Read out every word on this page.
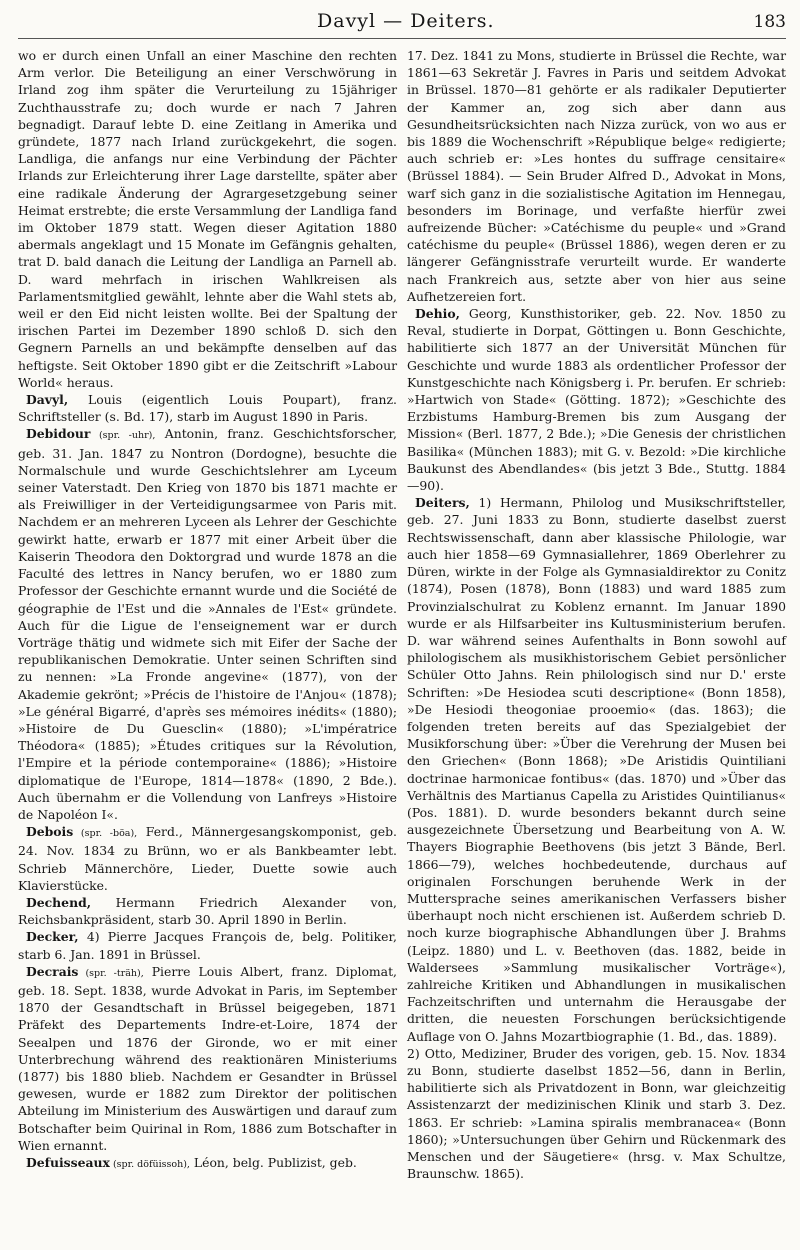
Davyl — Deiters.	183

wo er durch einen Unfall an einer Maschine den rechten Arm verlor. Die Beteiligung an einer Verschwörung in Irland zog ihm später die Verurteilung zu 15jähriger Zuchthausstrafe zu; doch wurde er nach 7 Jahren begnadigt. Darauf lebte D. eine Zeitlang in Amerika und gründete, 1877 nach Irland zurückgekehrt, die sogen. Landliga, die anfangs nur eine Verbindung der Pächter Irlands zur Erleichterung ihrer Lage darstellte, später aber eine radikale Änderung der Agrargesetzgebung seiner Heimat erstrebte; die erste Versammlung der Landliga fand im Oktober 1879 statt. Wegen dieser Agitation 1880 abermals angeklagt und 15 Monate im Gefängnis gehalten, trat D. bald danach die Leitung der Landliga an Parnell ab. D. ward mehrfach in irischen Wahlkreisen als Parlamentsmitglied gewählt, lehnte aber die Wahl stets ab, weil er den Eid nicht leisten wollte. Bei der Spaltung der irischen Partei im Dezember 1890 schloß D. sich den Gegnern Parnells an und bekämpfte denselben auf das heftigste. Seit Oktober 1890 gibt er die Zeitschrift »Labour World« heraus.

Davyl, Louis (eigentlich Louis Poupart), franz. Schriftsteller (s. Bd. 17), starb im August 1890 in Paris.

Debidour (spr. -uhr), Antonin, franz. Geschichtsforscher, geb. 31. Jan. 1847 zu Nontron (Dordogne), besuchte die Normalschule und wurde Geschichtslehrer am Lyceum seiner Vaterstadt. Den Krieg von 1870 bis 1871 machte er als Freiwilliger in der Verteidigungsarmee von Paris mit. Nachdem er an mehreren Lyceen als Lehrer der Geschichte gewirkt hatte, erwarb er 1877 mit einer Arbeit über die Kaiserin Theodora den Doktorgrad und wurde 1878 an die Faculté des lettres in Nancy berufen, wo er 1880 zum Professor der Geschichte ernannt wurde und die Société de géographie de l'Est und die »Annales de l'Est« gründete. Auch für die Ligue de l'enseignement war er durch Vorträge thätig und widmete sich mit Eifer der Sache der republikanischen Demokratie. Unter seinen Schriften sind zu nennen: »La Fronde angevine« (1877), von der Akademie gekrönt; »Précis de l'histoire de l'Anjou« (1878); »Le général Bigarré, d'après ses mémoires inédits« (1880); »Histoire de Du Guesclin« (1880); »L'impératrice Théodora« (1885); »Études critiques sur la Révolution, l'Empire et la période contemporaine« (1886); »Histoire diplomatique de l'Europe, 1814—1878« (1890, 2 Bde.). Auch übernahm er die Vollendung von Lanfreys »Histoire de Napoléon I«.

Debois (spr. -böa), Ferd., Männergesangskomponist, geb. 24. Nov. 1834 zu Brünn, wo er als Bankbeamter lebt. Schrieb Männerchöre, Lieder, Duette sowie auch Klavierstücke.

Dechend, Hermann Friedrich Alexander von, Reichsbankpräsident, starb 30. April 1890 in Berlin.

Decker, 4) Pierre Jacques François de, belg. Politiker, starb 6. Jan. 1891 in Brüssel.

Decrais (spr. -träh), Pierre Louis Albert, franz. Diplomat, geb. 18. Sept. 1838, wurde Advokat in Paris, im September 1870 der Gesandtschaft in Brüssel beigegeben, 1871 Präfekt des Departements Indre-et-Loire, 1874 der Seealpen und 1876 der Gironde, wo er mit einer Unterbrechung während des reaktionären Ministeriums (1877) bis 1880 blieb. Nachdem er Gesandter in Brüssel gewesen, wurde er 1882 zum Direktor der politischen Abteilung im Ministerium des Auswärtigen und darauf zum Botschafter beim Quirinal in Rom, 1886 zum Botschafter in Wien ernannt.

Defuisseaux (spr. döfüissoh), Léon, belg. Publizist, geb.

17. Dez. 1841 zu Mons, studierte in Brüssel die Rechte, war 1861—63 Sekretär J. Favres in Paris und seitdem Advokat in Brüssel. 1870—81 gehörte er als radikaler Deputierter der Kammer an, zog sich aber dann aus Gesundheitsrücksichten nach Nizza zurück, von wo aus er bis 1889 die Wochenschrift »République belge« redigierte; auch schrieb er: »Les hontes du suffrage censitaire« (Brüssel 1884). — Sein Bruder Alfred D., Advokat in Mons, warf sich ganz in die sozialistische Agitation im Hennegau, besonders im Borinage, und verfaßte hierfür zwei aufreizende Bücher: »Catéchisme du peuple« und »Grand catéchisme du peuple« (Brüssel 1886), wegen deren er zu längerer Gefängnisstrafe verurteilt wurde. Er wanderte nach Frankreich aus, setzte aber von hier aus seine Aufhetzereien fort.

Dehio, Georg, Kunsthistoriker, geb. 22. Nov. 1850 zu Reval, studierte in Dorpat, Göttingen u. Bonn Geschichte, habilitierte sich 1877 an der Universität München für Geschichte und wurde 1883 als ordentlicher Professor der Kunstgeschichte nach Königsberg i. Pr. berufen. Er schrieb: »Hartwich von Stade« (Götting. 1872); »Geschichte des Erzbistums Hamburg-Bremen bis zum Ausgang der Mission« (Berl. 1877, 2 Bde.); »Die Genesis der christlichen Basilika« (München 1883); mit G. v. Bezold: »Die kirchliche Baukunst des Abendlandes« (bis jetzt 3 Bde., Stuttg. 1884—90).

Deiters, 1) Hermann, Philolog und Musikschriftsteller, geb. 27. Juni 1833 zu Bonn, studierte daselbst zuerst Rechtswissenschaft, dann aber klassische Philologie, war auch hier 1858—69 Gymnasiallehrer, 1869 Oberlehrer zu Düren, wirkte in der Folge als Gymnasialdirektor zu Conitz (1874), Posen (1878), Bonn (1883) und ward 1885 zum Provinzialschulrat zu Koblenz ernannt. Im Januar 1890 wurde er als Hilfsarbeiter ins Kultusministerium berufen. D. war während seines Aufenthalts in Bonn sowohl auf philologischem als musikhistorischem Gebiet persönlicher Schüler Otto Jahns. Rein philologisch sind nur D.' erste Schriften: »De Hesiodea scuti descriptione« (Bonn 1858), »De Hesiodi theogoniae prooemio« (das. 1863); die folgenden treten bereits auf das Spezialgebiet der Musikforschung über: »Über die Verehrung der Musen bei den Griechen« (Bonn 1868); »De Aristidis Quintiliani doctrinae harmonicae fontibus« (das. 1870) und »Über das Verhältnis des Martianus Capella zu Aristides Quintilianus« (Pos. 1881). D. wurde besonders bekannt durch seine ausgezeichnete Übersetzung und Bearbeitung von A. W. Thayers Biographie Beethovens (bis jetzt 3 Bände, Berl. 1866—79), welches hochbedeutende, durchaus auf originalen Forschungen beruhende Werk in der Muttersprache seines amerikanischen Verfassers bisher überhaupt noch nicht erschienen ist. Außerdem schrieb D. noch kurze biographische Abhandlungen über J. Brahms (Leipz. 1880) und L. v. Beethoven (das. 1882, beide in Waldersees »Sammlung musikalischer Vorträge«), zahlreiche Kritiken und Abhandlungen in musikalischen Fachzeitschriften und unternahm die Herausgabe der dritten, die neuesten Forschungen berücksichtigende Auflage von O. Jahns Mozartbiographie (1. Bd., das. 1889).

2) Otto, Mediziner, Bruder des vorigen, geb. 15. Nov. 1834 zu Bonn, studierte daselbst 1852—56, dann in Berlin, habilitierte sich als Privatdozent in Bonn, war gleichzeitig Assistenzarzt der medizinischen Klinik und starb 3. Dez. 1863. Er schrieb: »Lamina spiralis membranacea« (Bonn 1860); »Untersuchungen über Gehirn und Rückenmark des Menschen und der Säugetiere« (hrsg. v. Max Schultze, Braunschw. 1865).
